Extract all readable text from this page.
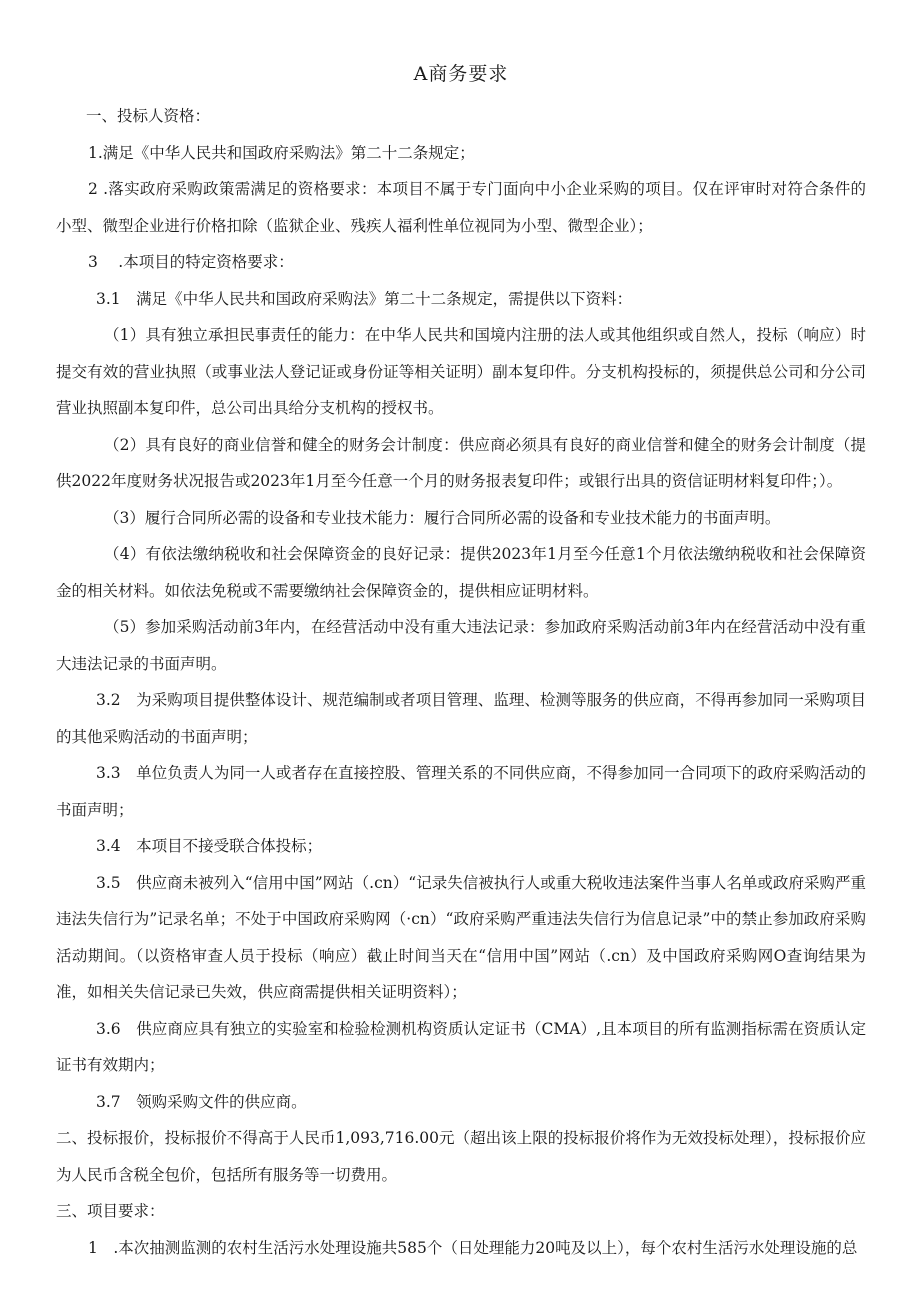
A商务要求

一、投标人资格：

1.满足《中华人民共和国政府采购法》第二十二条规定；

2 .落实政府采购政策需满足的资格要求：本项目不属于专门面向中小企业采购的项目。仅在评审时对符合条件的小型、微型企业进行价格扣除（监狱企业、残疾人福利性单位视同为小型、微型企业）；

3  .本项目的特定资格要求：

3.1 满足《中华人民共和国政府采购法》第二十二条规定，需提供以下资料：

（1）具有独立承担民事责任的能力：在中华人民共和国境内注册的法人或其他组织或自然人，投标（响应）时提交有效的营业执照（或事业法人登记证或身份证等相关证明）副本复印件。分支机构投标的，须提供总公司和分公司营业执照副本复印件，总公司出具给分支机构的授权书。

（2）具有良好的商业信誉和健全的财务会计制度：供应商必须具有良好的商业信誉和健全的财务会计制度（提供2022年度财务状况报告或2023年1月至今任意一个月的财务报表复印件；或银行出具的资信证明材料复印件；）。

（3）履行合同所必需的设备和专业技术能力：履行合同所必需的设备和专业技术能力的书面声明。

（4）有依法缴纳税收和社会保障资金的良好记录：提供2023年1月至今任意1个月依法缴纳税收和社会保障资金的相关材料。如依法免税或不需要缴纳社会保障资金的，提供相应证明材料。

（5）参加采购活动前3年内，在经营活动中没有重大违法记录：参加政府采购活动前3年内在经营活动中没有重大违法记录的书面声明。

3.2 为采购项目提供整体设计、规范编制或者项目管理、监理、检测等服务的供应商，不得再参加同一采购项目的其他采购活动的书面声明；

3.3 单位负责人为同一人或者存在直接控股、管理关系的不同供应商，不得参加同一合同项下的政府采购活动的书面声明；

3.4 本项目不接受联合体投标；

3.5 供应商未被列入“信用中国”网站（.cn）“记录失信被执行人或重大税收违法案件当事人名单或政府采购严重违法失信行为”记录名单；不处于中国政府采购网（·cn）“政府采购严重违法失信行为信息记录”中的禁止参加政府采购活动期间。（以资格审查人员于投标（响应）截止时间当天在“信用中国”网站（.cn）及中国政府采购网O查询结果为准，如相关失信记录已失效，供应商需提供相关证明资料）；

3.6 供应商应具有独立的实验室和检验检测机构资质认定证书（CMA）,且本项目的所有监测指标需在资质认定证书有效期内；

3.7 领购采购文件的供应商。

二、投标报价，投标报价不得高于人民币1,093,716.00元（超出该上限的投标报价将作为无效投标处理），投标报价应为人民币含税全包价，包括所有服务等一切费用。

三、项目要求：

1 .本次抽测监测的农村生活污水处理设施共585个（日处理能力20吨及以上），每个农村生活污水处理设施的总
